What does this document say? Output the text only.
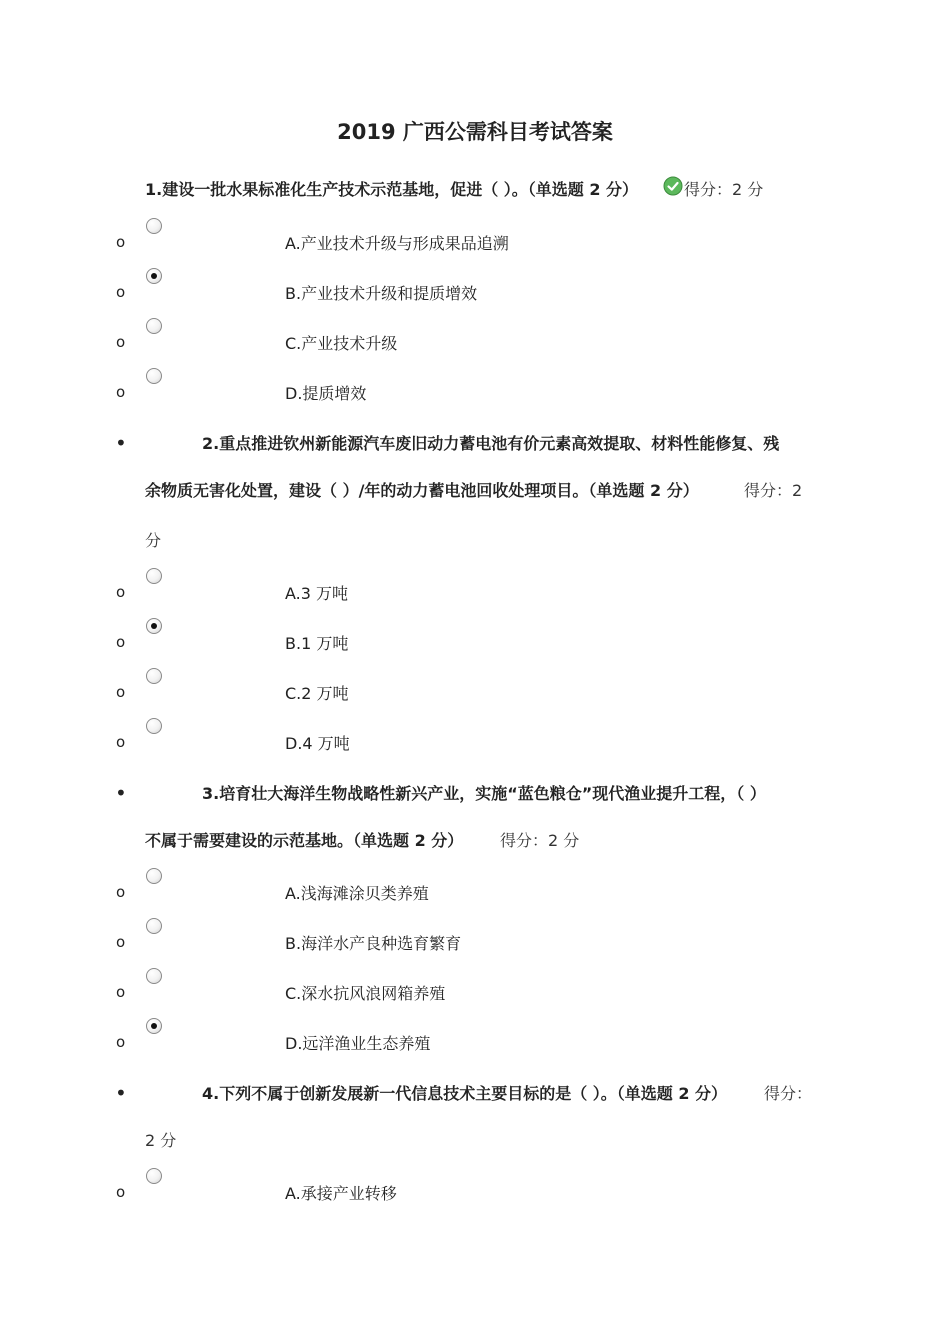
2019 广西公需科目考试答案
1.建设一批水果标准化生产技术示范基地，促进（ ）。（单选题 2 分）	得分：2 分
o	A.产业技术升级与形成果品追溯
o	B.产业技术升级和提质增效
o	C.产业技术升级
o	D.提质增效
•	2.重点推进钦州新能源汽车废旧动力蓄电池有价元素高效提取、材料性能修复、残
余物质无害化处置，建设（ ）/年的动力蓄电池回收处理项目。（单选题 2 分）	得分：2
分
o	A.3 万吨
o	B.1 万吨
o	C.2 万吨
o	D.4 万吨
•	3.培育壮大海洋生物战略性新兴产业，实施“蓝色粮仓”现代渔业提升工程，（ ）
不属于需要建设的示范基地。（单选题 2 分） 得分：2 分
o	A.浅海滩涂贝类养殖
o	B.海洋水产良种选育繁育
o	C.深水抗风浪网箱养殖
o	D.远洋渔业生态养殖
•	4.下列不属于创新发展新一代信息技术主要目标的是（ ）。（单选题 2 分） 得分：
2 分
o	A.承接产业转移
